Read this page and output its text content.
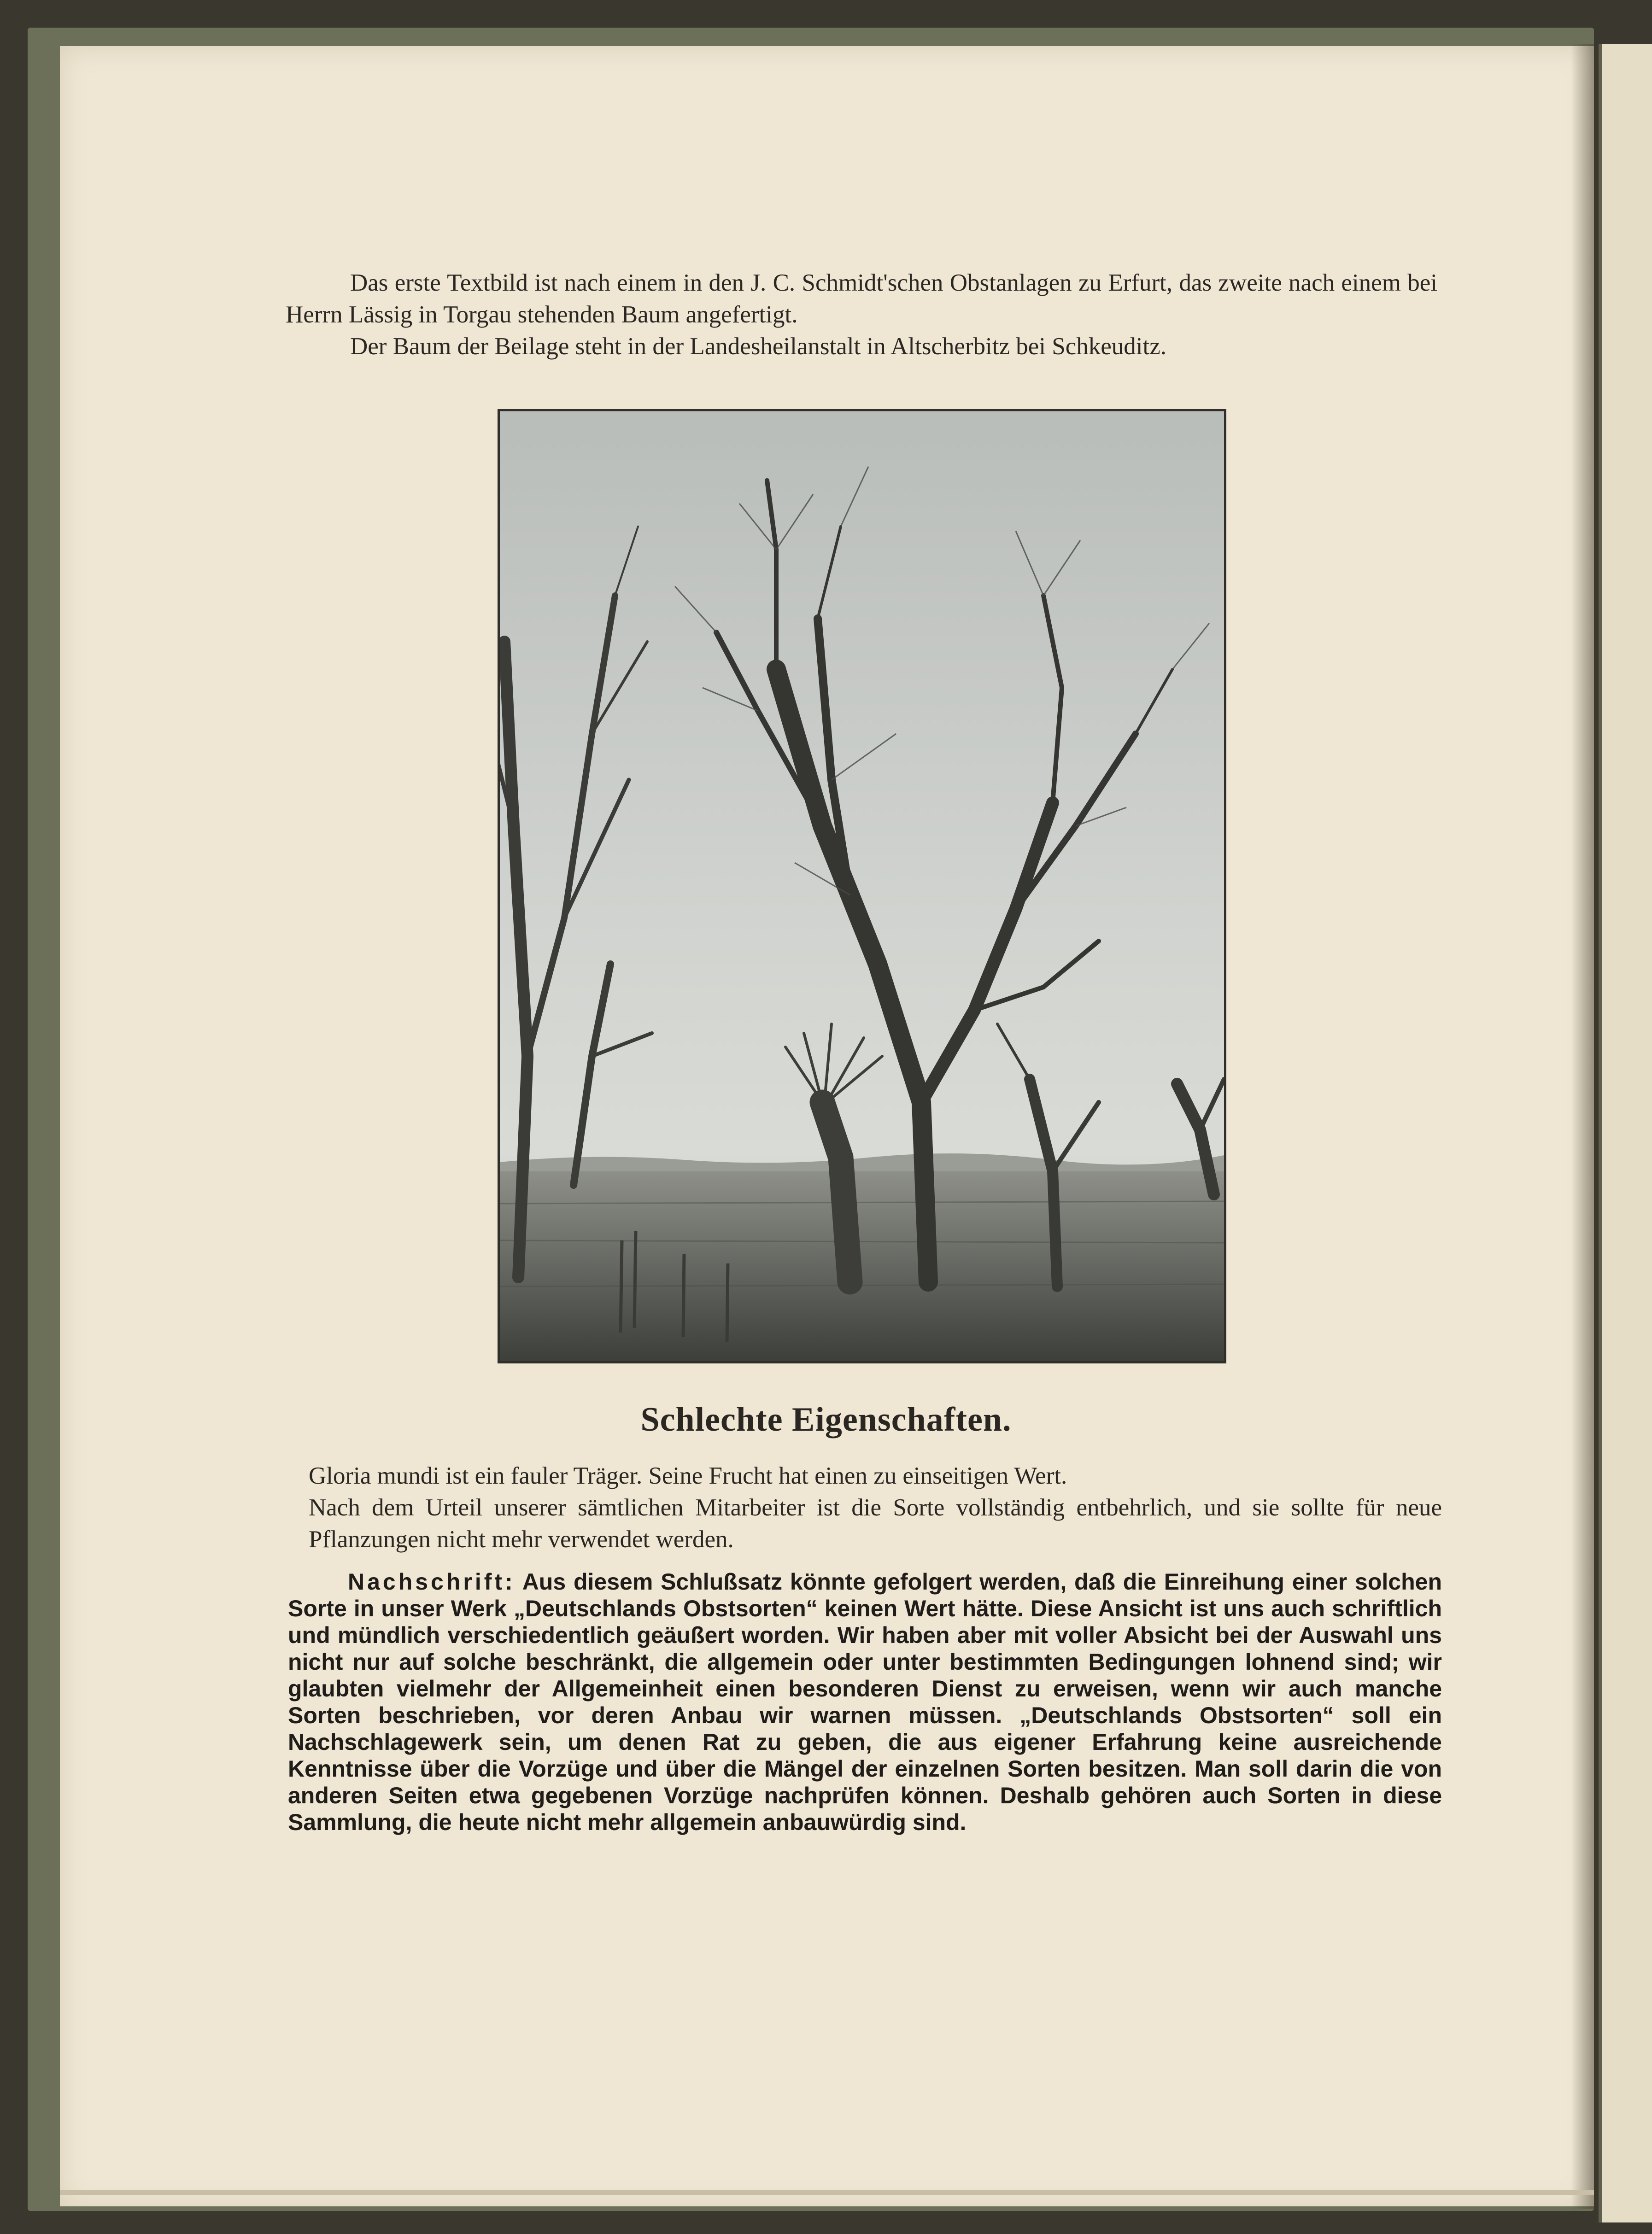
Das erste Textbild ist nach einem in den J. C. Schmidt'schen Obstanlagen zu Erfurt, das zweite nach einem bei Herrn Lässig in Torgau stehenden Baum angefertigt.

Der Baum der Beilage steht in der Landesheilanstalt in Altscherbitz bei Schkeuditz.

Schlechte Eigenschaften.

Gloria mundi ist ein fauler Träger. Seine Frucht hat einen zu einseitigen Wert.

Nach dem Urteil unserer sämtlichen Mitarbeiter ist die Sorte vollständig entbehrlich, und sie sollte für neue Pflanzungen nicht mehr verwendet werden.

Nachschrift: Aus diesem Schlußsatz könnte gefolgert werden, daß die Einreihung einer solchen Sorte in unser Werk „Deutschlands Obstsorten“ keinen Wert hätte. Diese Ansicht ist uns auch schriftlich und mündlich verschiedentlich geäußert worden. Wir haben aber mit voller Absicht bei der Auswahl uns nicht nur auf solche beschränkt, die allgemein oder unter bestimmten Bedingungen lohnend sind; wir glaubten vielmehr der Allgemeinheit einen besonderen Dienst zu erweisen, wenn wir auch manche Sorten beschrieben, vor deren Anbau wir warnen müssen. „Deutschlands Obstsorten“ soll ein Nachschlagewerk sein, um denen Rat zu geben, die aus eigener Erfahrung keine ausreichende Kenntnisse über die Vorzüge und über die Mängel der einzelnen Sorten besitzen. Man soll darin die von anderen Seiten etwa gegebenen Vorzüge nachprüfen können. Deshalb gehören auch Sorten in diese Sammlung, die heute nicht mehr allgemein anbauwürdig sind.
